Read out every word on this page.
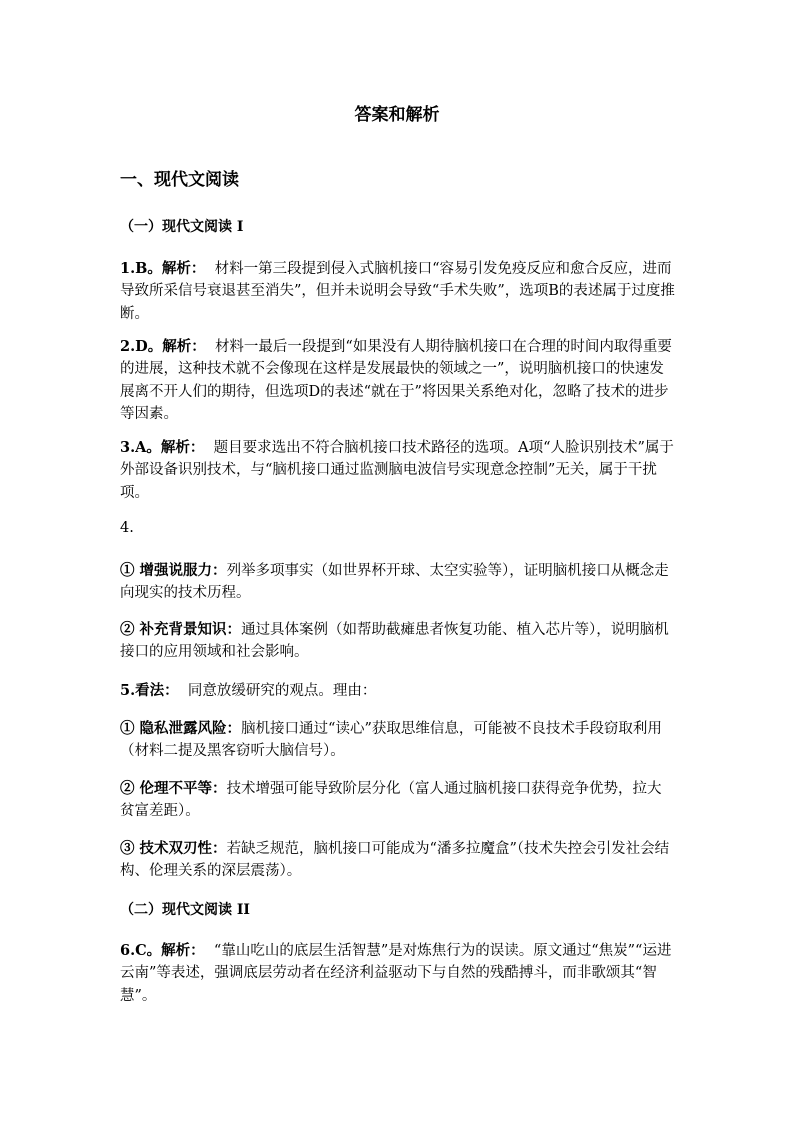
答案和解析
一、现代文阅读
（一）现代文阅读 I
1.B。解析： 材料一第三段提到侵入式脑机接口“容易引发免疫反应和愈合反应，进而导致所采信号衰退甚至消失”，但并未说明会导致“手术失败”，选项B的表述属于过度推断。
2.D。解析： 材料一最后一段提到“如果没有人期待脑机接口在合理的时间内取得重要的进展，这种技术就不会像现在这样是发展最快的领域之一”，说明脑机接口的快速发展离不开人们的期待，但选项D的表述“就在于”将因果关系绝对化，忽略了技术的进步等因素。
3.A。解析： 题目要求选出不符合脑机接口技术路径的选项。A项“人脸识别技术”属于外部设备识别技术，与“脑机接口通过监测脑电波信号实现意念控制”无关，属于干扰项。
4.
① 增强说服力：列举多项事实（如世界杯开球、太空实验等），证明脑机接口从概念走向现实的技术历程。
② 补充背景知识：通过具体案例（如帮助截瘫患者恢复功能、植入芯片等），说明脑机接口的应用领域和社会影响。
5.看法： 同意放缓研究的观点。理由：
① 隐私泄露风险：脑机接口通过“读心”获取思维信息，可能被不良技术手段窃取利用（材料二提及黑客窃听大脑信号）。
② 伦理不平等：技术增强可能导致阶层分化（富人通过脑机接口获得竞争优势，拉大贫富差距）。
③ 技术双刃性：若缺乏规范，脑机接口可能成为“潘多拉魔盒”（技术失控会引发社会结构、伦理关系的深层震荡）。
（二）现代文阅读 II
6.C。解析： “靠山吃山的底层生活智慧”是对炼焦行为的误读。原文通过“焦炭”“运进云南”等表述，强调底层劳动者在经济利益驱动下与自然的残酷搏斗，而非歌颂其“智慧”。
